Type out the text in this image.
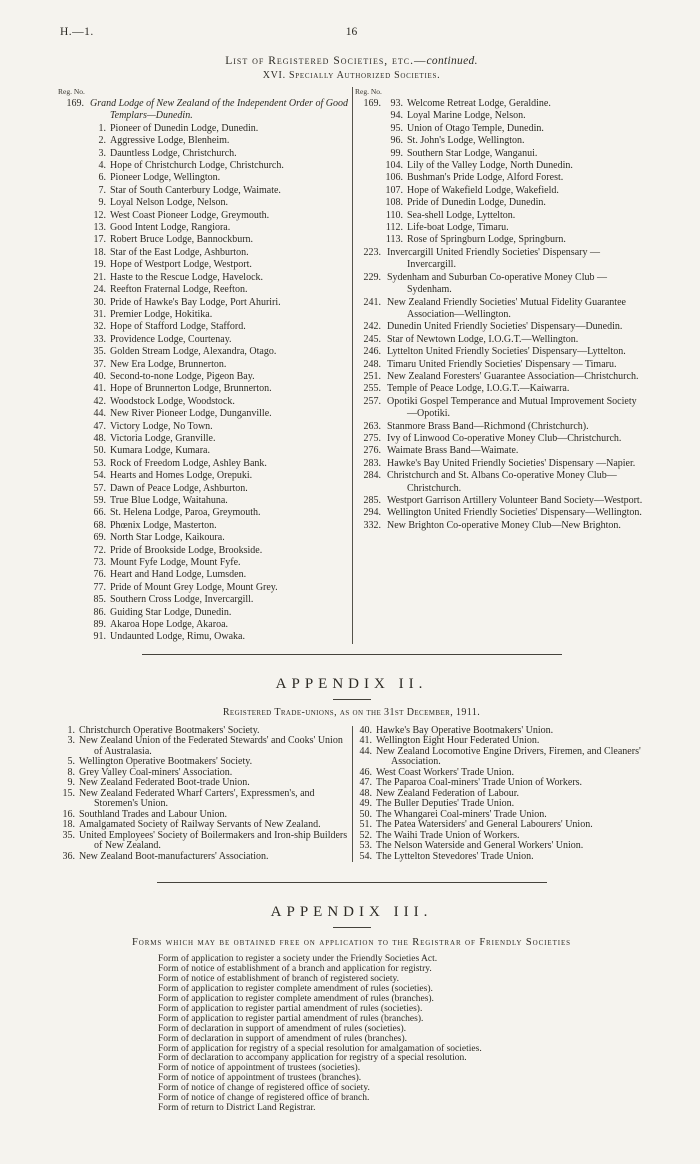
H.—1.	16
List of Registered Societies, etc.—continued.
XVI. Specially Authorized Societies.
Reg. No.
169. Grand Lodge of New Zealand of the Independent Order of Good Templars—Dunedin.
1. Pioneer of Dunedin Lodge, Dunedin.
2. Aggressive Lodge, Blenheim.
3. Dauntless Lodge, Christchurch.
4. Hope of Christchurch Lodge, Christchurch.
6. Pioneer Lodge, Wellington.
7. Star of South Canterbury Lodge, Waimate.
9. Loyal Nelson Lodge, Nelson.
12. West Coast Pioneer Lodge, Greymouth.
13. Good Intent Lodge, Rangiora.
17. Robert Bruce Lodge, Bannockburn.
18. Star of the East Lodge, Ashburton.
19. Hope of Westport Lodge, Westport.
21. Haste to the Rescue Lodge, Havelock.
24. Reefton Fraternal Lodge, Reefton.
30. Pride of Hawke's Bay Lodge, Port Ahuriri.
31. Premier Lodge, Hokitika.
32. Hope of Stafford Lodge, Stafford.
33. Providence Lodge, Courtenay.
35. Golden Stream Lodge, Alexandra, Otago.
37. New Era Lodge, Brunnerton.
40. Second-to-none Lodge, Pigeon Bay.
41. Hope of Brunnerton Lodge, Brunnerton.
42. Woodstock Lodge, Woodstock.
44. New River Pioneer Lodge, Dunganville.
47. Victory Lodge, No Town.
48. Victoria Lodge, Granville.
50. Kumara Lodge, Kumara.
53. Rock of Freedom Lodge, Ashley Bank.
54. Hearts and Homes Lodge, Orepuki.
57. Dawn of Peace Lodge, Ashburton.
59. True Blue Lodge, Waitahuna.
66. St. Helena Lodge, Paroa, Greymouth.
68. Phœnix Lodge, Masterton.
69. North Star Lodge, Kaikoura.
72. Pride of Brookside Lodge, Brookside.
73. Mount Fyfe Lodge, Mount Fyfe.
76. Heart and Hand Lodge, Lumsden.
77. Pride of Mount Grey Lodge, Mount Grey.
85. Southern Cross Lodge, Invercargill.
86. Guiding Star Lodge, Dunedin.
89. Akaroa Hope Lodge, Akaroa.
91. Undaunted Lodge, Rimu, Owaka.
Reg. No.
169. 93. Welcome Retreat Lodge, Geraldine.
94. Loyal Marine Lodge, Nelson.
95. Union of Otago Temple, Dunedin.
96. St. John's Lodge, Wellington.
99. Southern Star Lodge, Wanganui.
104. Lily of the Valley Lodge, North Dunedin.
106. Bushman's Pride Lodge, Alford Forest.
107. Hope of Wakefield Lodge, Wakefield.
108. Pride of Dunedin Lodge, Dunedin.
110. Sea-shell Lodge, Lyttelton.
112. Life-boat Lodge, Timaru.
113. Rose of Springburn Lodge, Springburn.
223. Invercargill United Friendly Societies' Dispensary —Invercargill.
229. Sydenham and Suburban Co-operative Money Club —Sydenham.
241. New Zealand Friendly Societies' Mutual Fidelity Guarantee Association—Wellington.
242. Dunedin United Friendly Societies' Dispensary—Dunedin.
245. Star of Newtown Lodge, I.O.G.T.—Wellington.
246. Lyttelton United Friendly Societies' Dispensary—Lyttelton.
248. Timaru United Friendly Societies' Dispensary — Timaru.
251. New Zealand Foresters' Guarantee Association—Christchurch.
255. Temple of Peace Lodge, I.O.G.T.—Kaiwarra.
257. Opotiki Gospel Temperance and Mutual Improvement Society—Opotiki.
263. Stanmore Brass Band—Richmond (Christchurch).
275. Ivy of Linwood Co-operative Money Club—Christchurch.
276. Waimate Brass Band—Waimate.
283. Hawke's Bay United Friendly Societies' Dispensary —Napier.
284. Christchurch and St. Albans Co-operative Money Club—Christchurch.
285. Westport Garrison Artillery Volunteer Band Society—Westport.
294. Wellington United Friendly Societies' Dispensary—Wellington.
332. New Brighton Co-operative Money Club—New Brighton.
APPENDIX II.
Registered Trade-unions, as on the 31st December, 1911.
1. Christchurch Operative Bootmakers' Society.
3. New Zealand Union of the Federated Stewards' and Cooks' Union of Australasia.
5. Wellington Operative Bootmakers' Society.
8. Grey Valley Coal-miners' Association.
9. New Zealand Federated Boot-trade Union.
15. New Zealand Federated Wharf Carters', Expressmen's, and Storemen's Union.
16. Southland Trades and Labour Union.
18. Amalgamated Society of Railway Servants of New Zealand.
35. United Employees' Society of Boilermakers and Iron-ship Builders of New Zealand.
36. New Zealand Boot-manufacturers' Association.
40. Hawke's Bay Operative Bootmakers' Union.
41. Wellington Eight Hour Federated Union.
44. New Zealand Locomotive Engine Drivers, Firemen, and Cleaners' Association.
46. West Coast Workers' Trade Union.
47. The Paparoa Coal-miners' Trade Union of Workers.
48. New Zealand Federation of Labour.
49. The Buller Deputies' Trade Union.
50. The Whangarei Coal-miners' Trade Union.
51. The Patea Watersiders' and General Labourers' Union.
52. The Waihi Trade Union of Workers.
53. The Nelson Waterside and General Workers' Union.
54. The Lyttelton Stevedores' Trade Union.
APPENDIX III.
Forms which may be obtained free on application to the Registrar of Friendly Societies
Form of application to register a society under the Friendly Societies Act.
Form of notice of establishment of a branch and application for registry.
Form of notice of establishment of branch of registered society.
Form of application to register complete amendment of rules (societies).
Form of application to register complete amendment of rules (branches).
Form of application to register partial amendment of rules (societies).
Form of application to register partial amendment of rules (branches).
Form of declaration in support of amendment of rules (societies).
Form of declaration in support of amendment of rules (branches).
Form of application for registry of a special resolution for amalgamation of societies.
Form of declaration to accompany application for registry of a special resolution.
Form of notice of appointment of trustees (societies).
Form of notice of appointment of trustees (branches).
Form of notice of change of registered office of society.
Form of notice of change of registered office of branch.
Form of return to District Land Registrar.
